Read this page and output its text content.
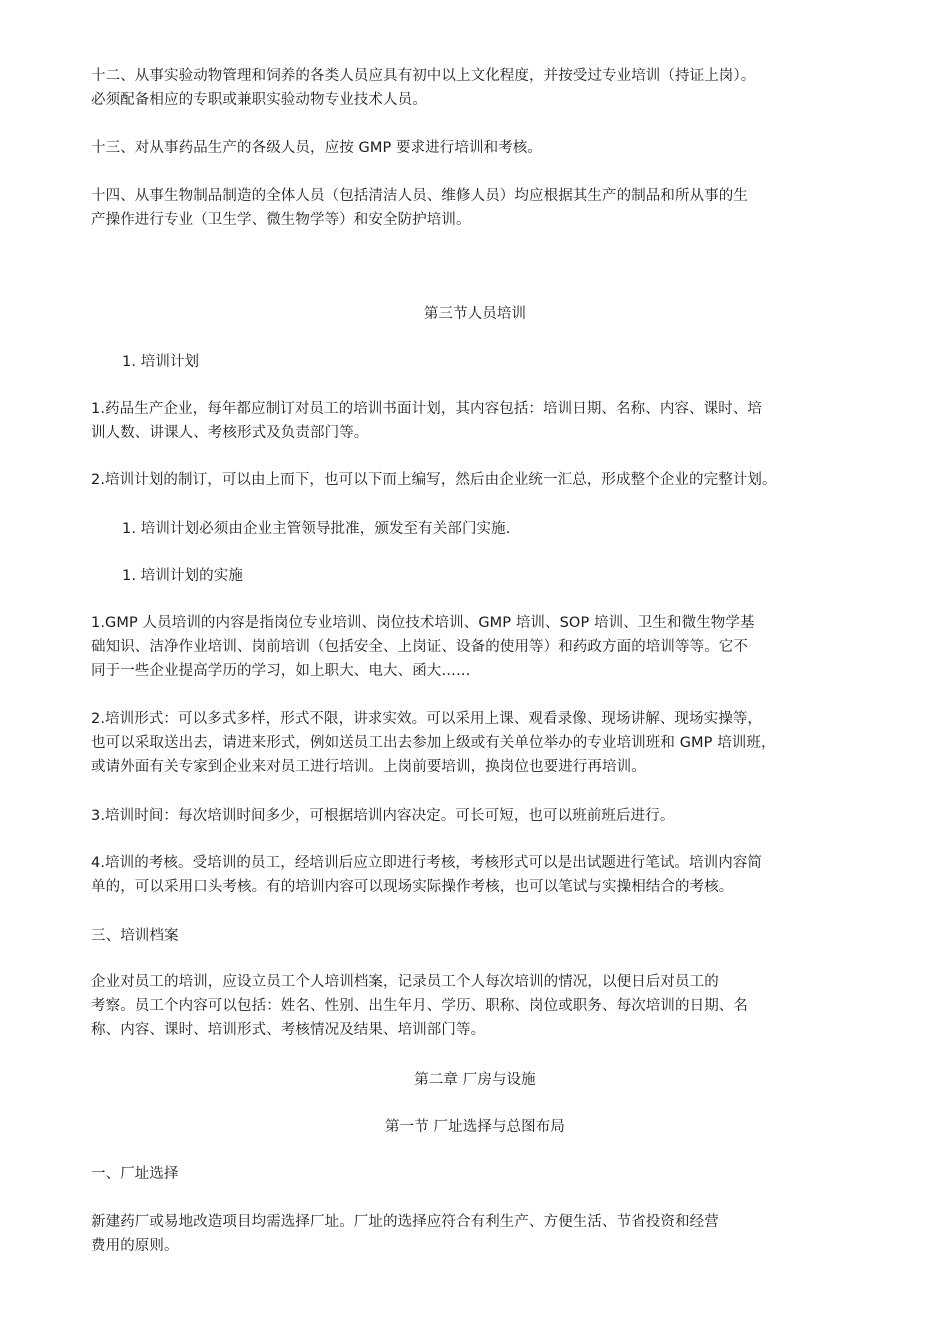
十二、从事实验动物管理和饲养的各类人员应具有初中以上文化程度，并按受过专业培训（持证上岗）。
必须配备相应的专职或兼职实验动物专业技术人员。
十三、对从事药品生产的各级人员，应按 GMP 要求进行培训和考核。
十四、从事生物制品制造的全体人员（包括清洁人员、维修人员）均应根据其生产的制品和所从事的生
产操作进行专业（卫生学、微生物学等）和安全防护培训。
第三节人员培训
1. 培训计划
1.药品生产企业，每年都应制订对员工的培训书面计划，其内容包括：培训日期、名称、内容、课时、培
训人数、讲课人、考核形式及负责部门等。
2.培训计划的制订，可以由上而下，也可以下而上编写，然后由企业统一汇总，形成整个企业的完整计划。
1. 培训计划必须由企业主管领导批准，颁发至有关部门实施.
1. 培训计划的实施
1.GMP 人员培训的内容是指岗位专业培训、岗位技术培训、GMP 培训、SOP 培训、卫生和微生物学基
础知识、洁净作业培训、岗前培训（包括安全、上岗证、设备的使用等）和药政方面的培训等等。它不
同于一些企业提高学历的学习，如上职大、电大、函大……
2.培训形式：可以多式多样，形式不限，讲求实效。可以采用上课、观看录像、现场讲解、现场实操等，
也可以采取送出去，请进来形式，例如送员工出去参加上级或有关单位举办的专业培训班和 GMP 培训班，
或请外面有关专家到企业来对员工进行培训。上岗前要培训，换岗位也要进行再培训。
3.培训时间：每次培训时间多少，可根据培训内容决定。可长可短，也可以班前班后进行。
4.培训的考核。受培训的员工，经培训后应立即进行考核，考核形式可以是出试题进行笔试。培训内容简
单的，可以采用口头考核。有的培训内容可以现场实际操作考核，也可以笔试与实操相结合的考核。
三、培训档案
企业对员工的培训，应设立员工个人培训档案，记录员工个人每次培训的情况，以便日后对员工的
考察。员工个内容可以包括：姓名、性别、出生年月、学历、职称、岗位或职务、每次培训的日期、名
称、内容、课时、培训形式、考核情况及结果、培训部门等。
第二章 厂房与设施
第一节 厂址选择与总图布局
一、厂址选择
新建药厂或易地改造项目均需选择厂址。厂址的选择应符合有利生产、方便生活、节省投资和经营
费用的原则。
